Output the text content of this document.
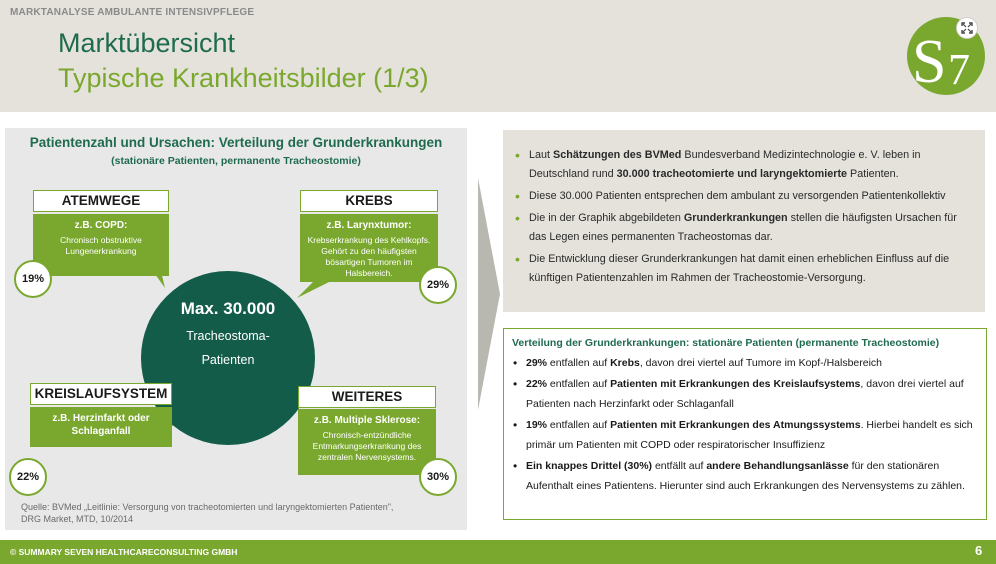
MARKTANALYSE AMBULANTE INTENSIVPFLEGE
Marktübersicht
Typische Krankheitsbilder (1/3)	S 7
Patientenzahl und Ursachen: Verteilung der Grunderkrankungen
(stationäre Patienten, permanente Tracheostomie)
ATEMWEGE
z.B. COPD:
Chronisch obstruktive Lungenerkrankung
19%
KREBS
z.B. Larynxtumor:
Krebserkrankung des Kehlkopfs. Gehört zu den häufigsten bösartigen Tumoren im Halsbereich.
29%
Max. 30.000
Tracheostoma-
Patienten
KREISLAUFSYSTEM
z.B. Herzinfarkt oder Schlaganfall
22%
WEITERES
z.B. Multiple Sklerose:
Chronisch-entzündliche Entmarkungserkrankung des zentralen Nervensystems.
30%
Quelle: BVMed „Leitlinie: Versorgung von tracheotomierten und laryngektomierten Patienten",
DRG Market, MTD, 10/2014
• Laut Schätzungen des BVMed Bundesverband Medizintechnologie e. V. leben in Deutschland rund 30.000 tracheotomierte und laryngektomierte Patienten.
• Diese 30.000 Patienten entsprechen dem ambulant zu versorgenden Patientenkollektiv
• Die in der Graphik abgebildeten Grunderkrankungen stellen die häufigsten Ursachen für das Legen eines permanenten Tracheostomas dar.
• Die Entwicklung dieser Grunderkrankungen hat damit einen erheblichen Einfluss auf die künftigen Patientenzahlen im Rahmen der Tracheostomie-Versorgung.
Verteilung der Grunderkrankungen: stationäre Patienten (permanente Tracheostomie)
• 29% entfallen auf Krebs, davon drei viertel auf Tumore im Kopf-/Halsbereich
• 22% entfallen auf Patienten mit Erkrankungen des Kreislaufsystems, davon drei viertel auf Patienten nach Herzinfarkt oder Schlaganfall
• 19% entfallen auf Patienten mit Erkrankungen des Atmungssystems. Hierbei handelt es sich primär um Patienten mit COPD oder respiratorischer Insuffizienz
• Ein knappes Drittel (30%) entfällt auf andere Behandlungsanlässe für den stationären Aufenthalt eines Patientens. Hierunter sind auch Erkrankungen des Nervensystems zu zählen.
© SUMMARY SEVEN HEALTHCARECONSULTING GMBH	6
